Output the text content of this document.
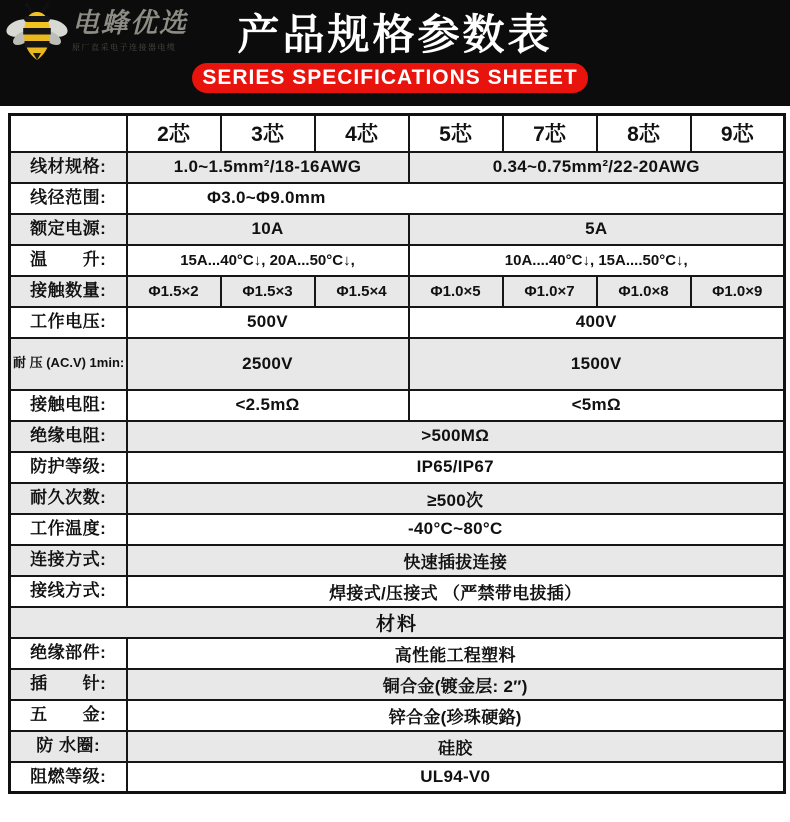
电蜂优选
原厂直采电子连接器电缆	产品规格参数表
SERIES SPECIFICATIONS SHEEET
	2芯	3芯	4芯	5芯	7芯	8芯	9芯
线材规格:	1.0~1.5mm²/18-16AWG			0.34~0.75mm²/22-20AWG			
线径范围:	Φ3.0~Φ9.0mm						

额定电源:	10A			5A			
温　　升:	15A...40°C↓, 20A...50°C↓,			10A....40°C↓, 15A....50°C↓,			
接触数量:	Φ1.5×2	Φ1.5×3	Φ1.5×4	Φ1.0×5	Φ1.0×7	Φ1.0×8	Φ1.0×9
工作电压:	500V			400V			
耐 压 (AC.V) 1min:	2500V			1500V			
接触电阻:	<2.5mΩ			<5mΩ			
绝缘电阻:	>500MΩ						
防护等级:	IP65/IP67						
耐久次数:	≥500次						
工作温度:	-40°C~80°C						
连接方式:	快速插拔连接						
接线方式:	焊接式/压接式 （严禁带电拔插）						
材料							
绝缘部件:	高性能工程塑料						
插　　针:	铜合金(镀金层: 2″)						
五　　金:	锌合金(珍珠硬鉻)						
防 水圈:	硅胶						
阻燃等级:	UL94-V0						
